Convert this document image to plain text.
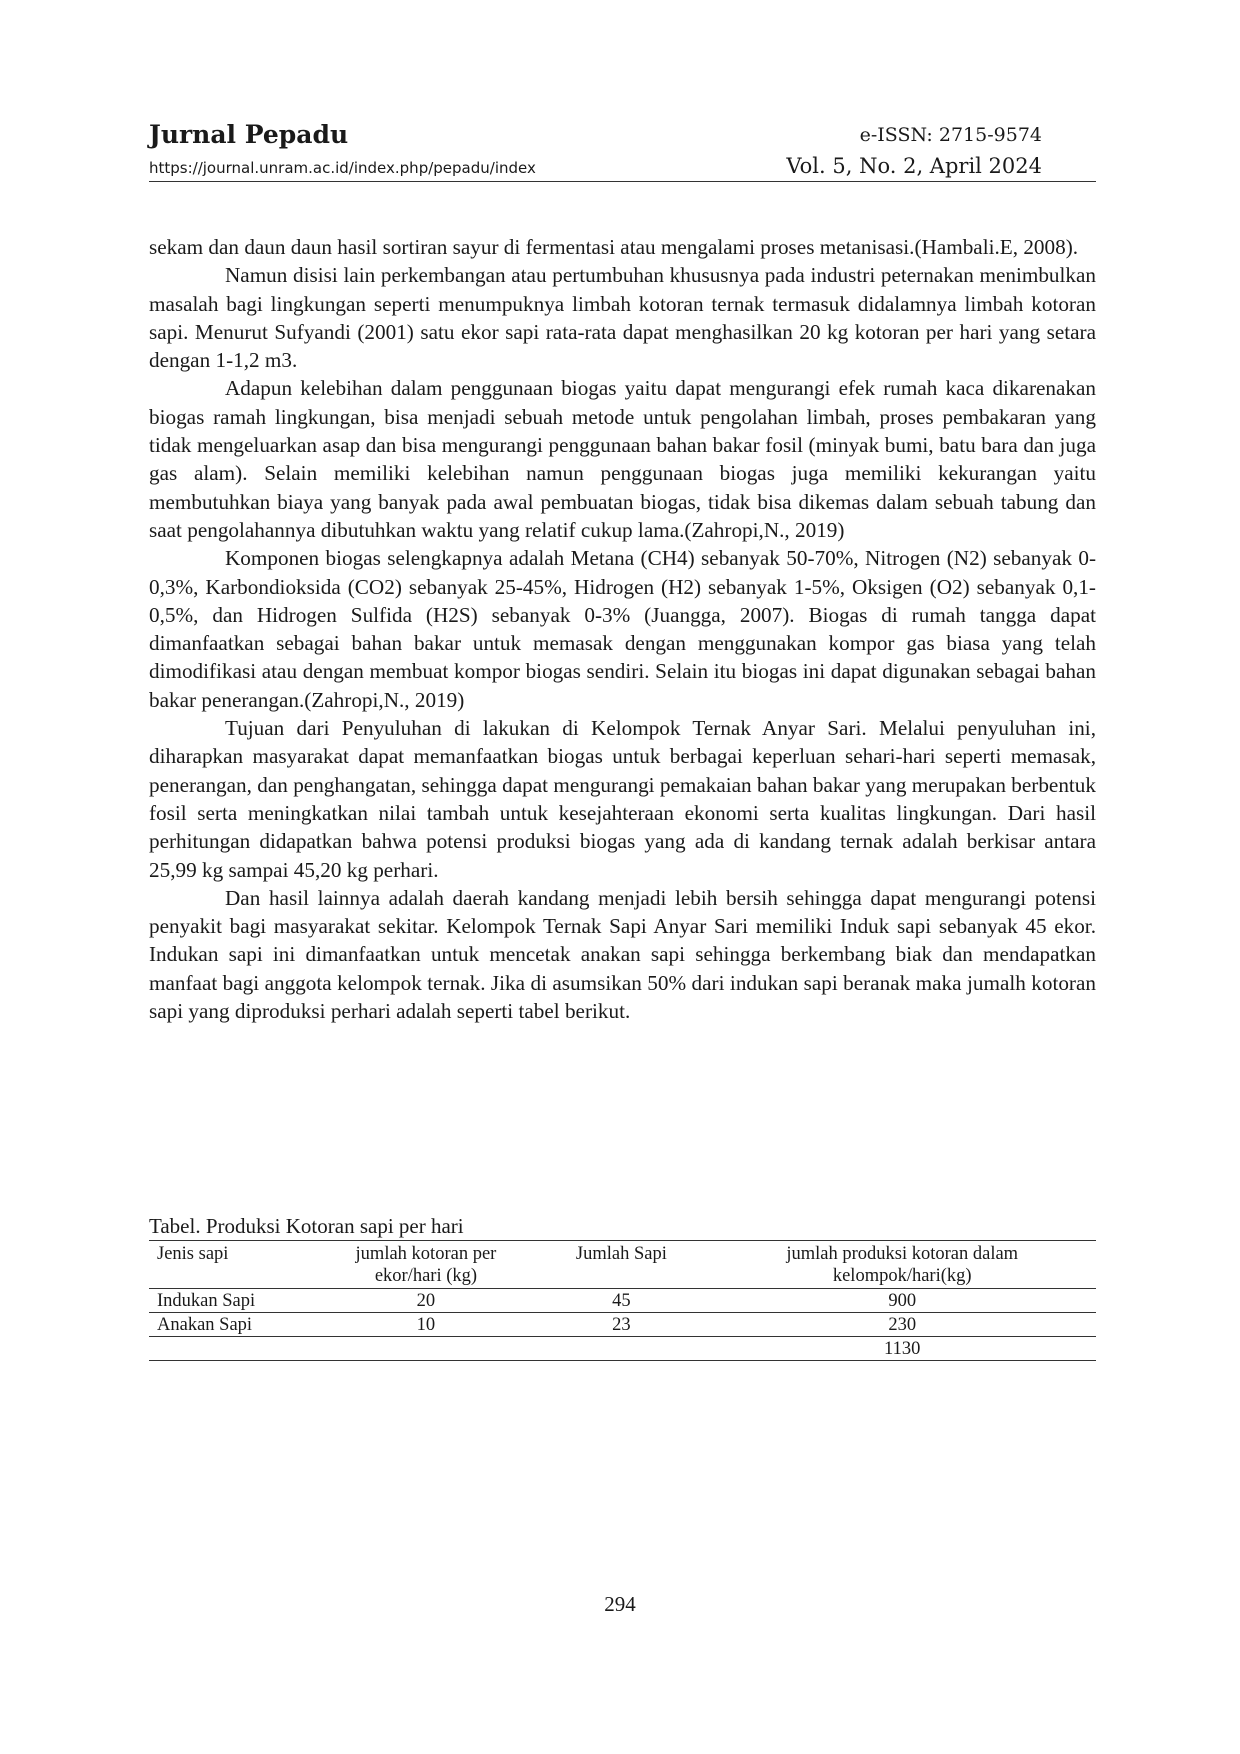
Jurnal Pepadu
https://journal.unram.ac.id/index.php/pepadu/index
e-ISSN: 2715-9574
Vol. 5, No. 2, April 2024

sekam dan daun daun hasil sortiran sayur di fermentasi atau mengalami proses metanisasi.(Hambali.E, 2008).

Namun disisi lain perkembangan atau pertumbuhan khususnya pada industri peternakan menimbulkan masalah bagi lingkungan seperti menumpuknya limbah kotoran ternak termasuk didalamnya limbah kotoran sapi. Menurut Sufyandi (2001) satu ekor sapi rata-rata dapat menghasilkan 20 kg kotoran per hari yang setara dengan 1-1,2 m3.

Adapun kelebihan dalam penggunaan biogas yaitu dapat mengurangi efek rumah kaca dikarenakan biogas ramah lingkungan, bisa menjadi sebuah metode untuk pengolahan limbah, proses pembakaran yang tidak mengeluarkan asap dan bisa mengurangi penggunaan bahan bakar fosil (minyak bumi, batu bara dan juga gas alam). Selain memiliki kelebihan namun penggunaan biogas juga memiliki kekurangan yaitu membutuhkan biaya yang banyak pada awal pembuatan biogas, tidak bisa dikemas dalam sebuah tabung dan saat pengolahannya dibutuhkan waktu yang relatif cukup lama.(Zahropi,N., 2019)

Komponen biogas selengkapnya adalah Metana (CH4) sebanyak 50-70%, Nitrogen (N2) sebanyak 0-0,3%, Karbondioksida (CO2) sebanyak 25-45%, Hidrogen (H2) sebanyak 1-5%, Oksigen (O2) sebanyak 0,1-0,5%, dan Hidrogen Sulfida (H2S) sebanyak 0-3% (Juangga, 2007). Biogas di rumah tangga dapat dimanfaatkan sebagai bahan bakar untuk memasak dengan menggunakan kompor gas biasa yang telah dimodifikasi atau dengan membuat kompor biogas sendiri. Selain itu biogas ini dapat digunakan sebagai bahan bakar penerangan.(Zahropi,N., 2019)

Tujuan dari Penyuluhan di lakukan di Kelompok Ternak Anyar Sari. Melalui penyuluhan ini, diharapkan masyarakat dapat memanfaatkan biogas untuk berbagai keperluan sehari-hari seperti memasak, penerangan, dan penghangatan, sehingga dapat mengurangi pemakaian bahan bakar yang merupakan berbentuk fosil serta meningkatkan nilai tambah untuk kesejahteraan ekonomi serta kualitas lingkungan. Dari hasil perhitungan didapatkan bahwa potensi produksi biogas yang ada di kandang ternak adalah berkisar antara 25,99 kg sampai 45,20 kg perhari.

Dan hasil lainnya adalah daerah kandang menjadi lebih bersih sehingga dapat mengurangi potensi penyakit bagi masyarakat sekitar. Kelompok Ternak Sapi Anyar Sari memiliki Induk sapi sebanyak 45 ekor. Indukan sapi ini dimanfaatkan untuk mencetak anakan sapi sehingga berkembang biak dan mendapatkan manfaat bagi anggota kelompok ternak. Jika di asumsikan 50% dari indukan sapi beranak maka jumalh kotoran sapi yang diproduksi perhari adalah seperti tabel berikut.

Tabel. Produksi Kotoran sapi per hari
Jenis sapi	jumlah kotoran per ekor/hari (kg)	Jumlah Sapi	jumlah produksi kotoran dalam kelompok/hari(kg)
Indukan Sapi	20	45	900
Anakan Sapi	10	23	230
			1130
294
